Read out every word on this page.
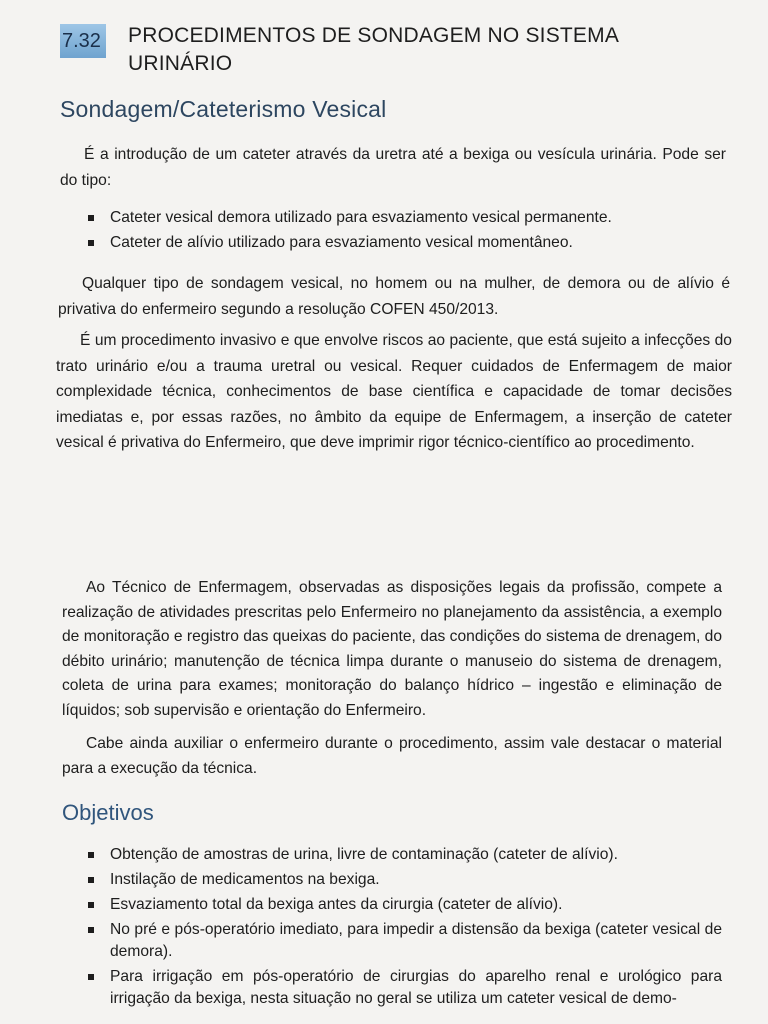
7.32 PROCEDIMENTOS DE SONDAGEM NO SISTEMA URINÁRIO
Sondagem/Cateterismo Vesical

É a introdução de um cateter através da uretra até a bexiga ou vesícula urinária. Pode ser do tipo:

Cateter vesical demora utilizado para esvaziamento vesical permanente.
Cateter de alívio utilizado para esvaziamento vesical momentâneo.

Qualquer tipo de sondagem vesical, no homem ou na mulher, de demora ou de alívio é privativa do enfermeiro segundo a resolução COFEN 450/2013.

É um procedimento invasivo e que envolve riscos ao paciente, que está sujeito a infecções do trato urinário e/ou a trauma uretral ou vesical. Requer cuidados de Enfermagem de maior complexidade técnica, conhecimentos de base científica e capacidade de tomar decisões imediatas e, por essas razões, no âmbito da equipe de Enfermagem, a inserção de cateter vesical é privativa do Enfermeiro, que deve imprimir rigor técnico-científico ao procedimento.

Ao Técnico de Enfermagem, observadas as disposições legais da profissão, compete a realização de atividades prescritas pelo Enfermeiro no planejamento da assistência, a exemplo de monitoração e registro das queixas do paciente, das condições do sistema de drenagem, do débito urinário; manutenção de técnica limpa durante o manuseio do sistema de drenagem, coleta de urina para exames; monitoração do balanço hídrico – ingestão e eliminação de líquidos; sob supervisão e orientação do Enfermeiro.

Cabe ainda auxiliar o enfermeiro durante o procedimento, assim vale destacar o material para a execução da técnica.

Objetivos
Obtenção de amostras de urina, livre de contaminação (cateter de alívio).
Instilação de medicamentos na bexiga.
Esvaziamento total da bexiga antes da cirurgia (cateter de alívio).
No pré e pós-operatório imediato, para impedir a distensão da bexiga (cateter vesical de demora).
Para irrigação em pós-operatório de cirurgias do aparelho renal e urológico para irrigação da bexiga, nesta situação no geral se utiliza um cateter vesical de demo-
